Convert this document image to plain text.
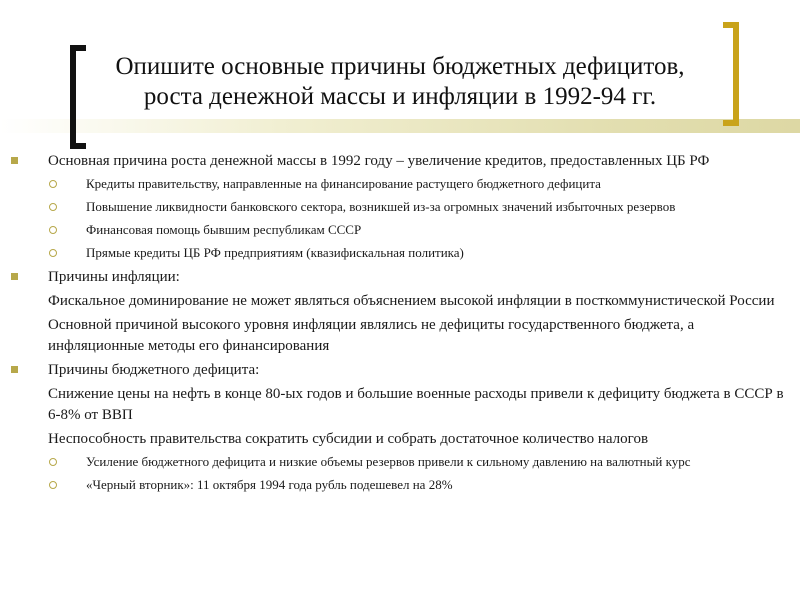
Опишите основные причины бюджетных дефицитов,
роста денежной массы и инфляции в 1992-94 гг.
Основная причина роста денежной массы в 1992 году – увеличение кредитов, предоставленных ЦБ РФ
Кредиты правительству, направленные на финансирование растущего бюджетного дефицита
Повышение ликвидности банковского сектора, возникшей из-за огромных значений избыточных резервов
Финансовая помощь бывшим республикам СССР
Прямые кредиты ЦБ РФ предприятиям (квазифискальная политика)
Причины инфляции:
Фискальное доминирование не может являться объяснением высокой инфляции в посткоммунистической России
Основной причиной высокого уровня инфляции являлись не дефициты государственного бюджета, а инфляционные методы его финансирования
Причины бюджетного дефицита:
Снижение цены на нефть в конце 80-ых годов и большие военные расходы привели к дефициту бюджета в СССР в 6-8% от ВВП
Неспособность правительства сократить субсидии и собрать достаточное количество налогов
Усиление бюджетного дефицита и низкие объемы резервов привели к сильному давлению на валютный курс
«Черный вторник»: 11 октября 1994 года рубль подешевел на 28%
